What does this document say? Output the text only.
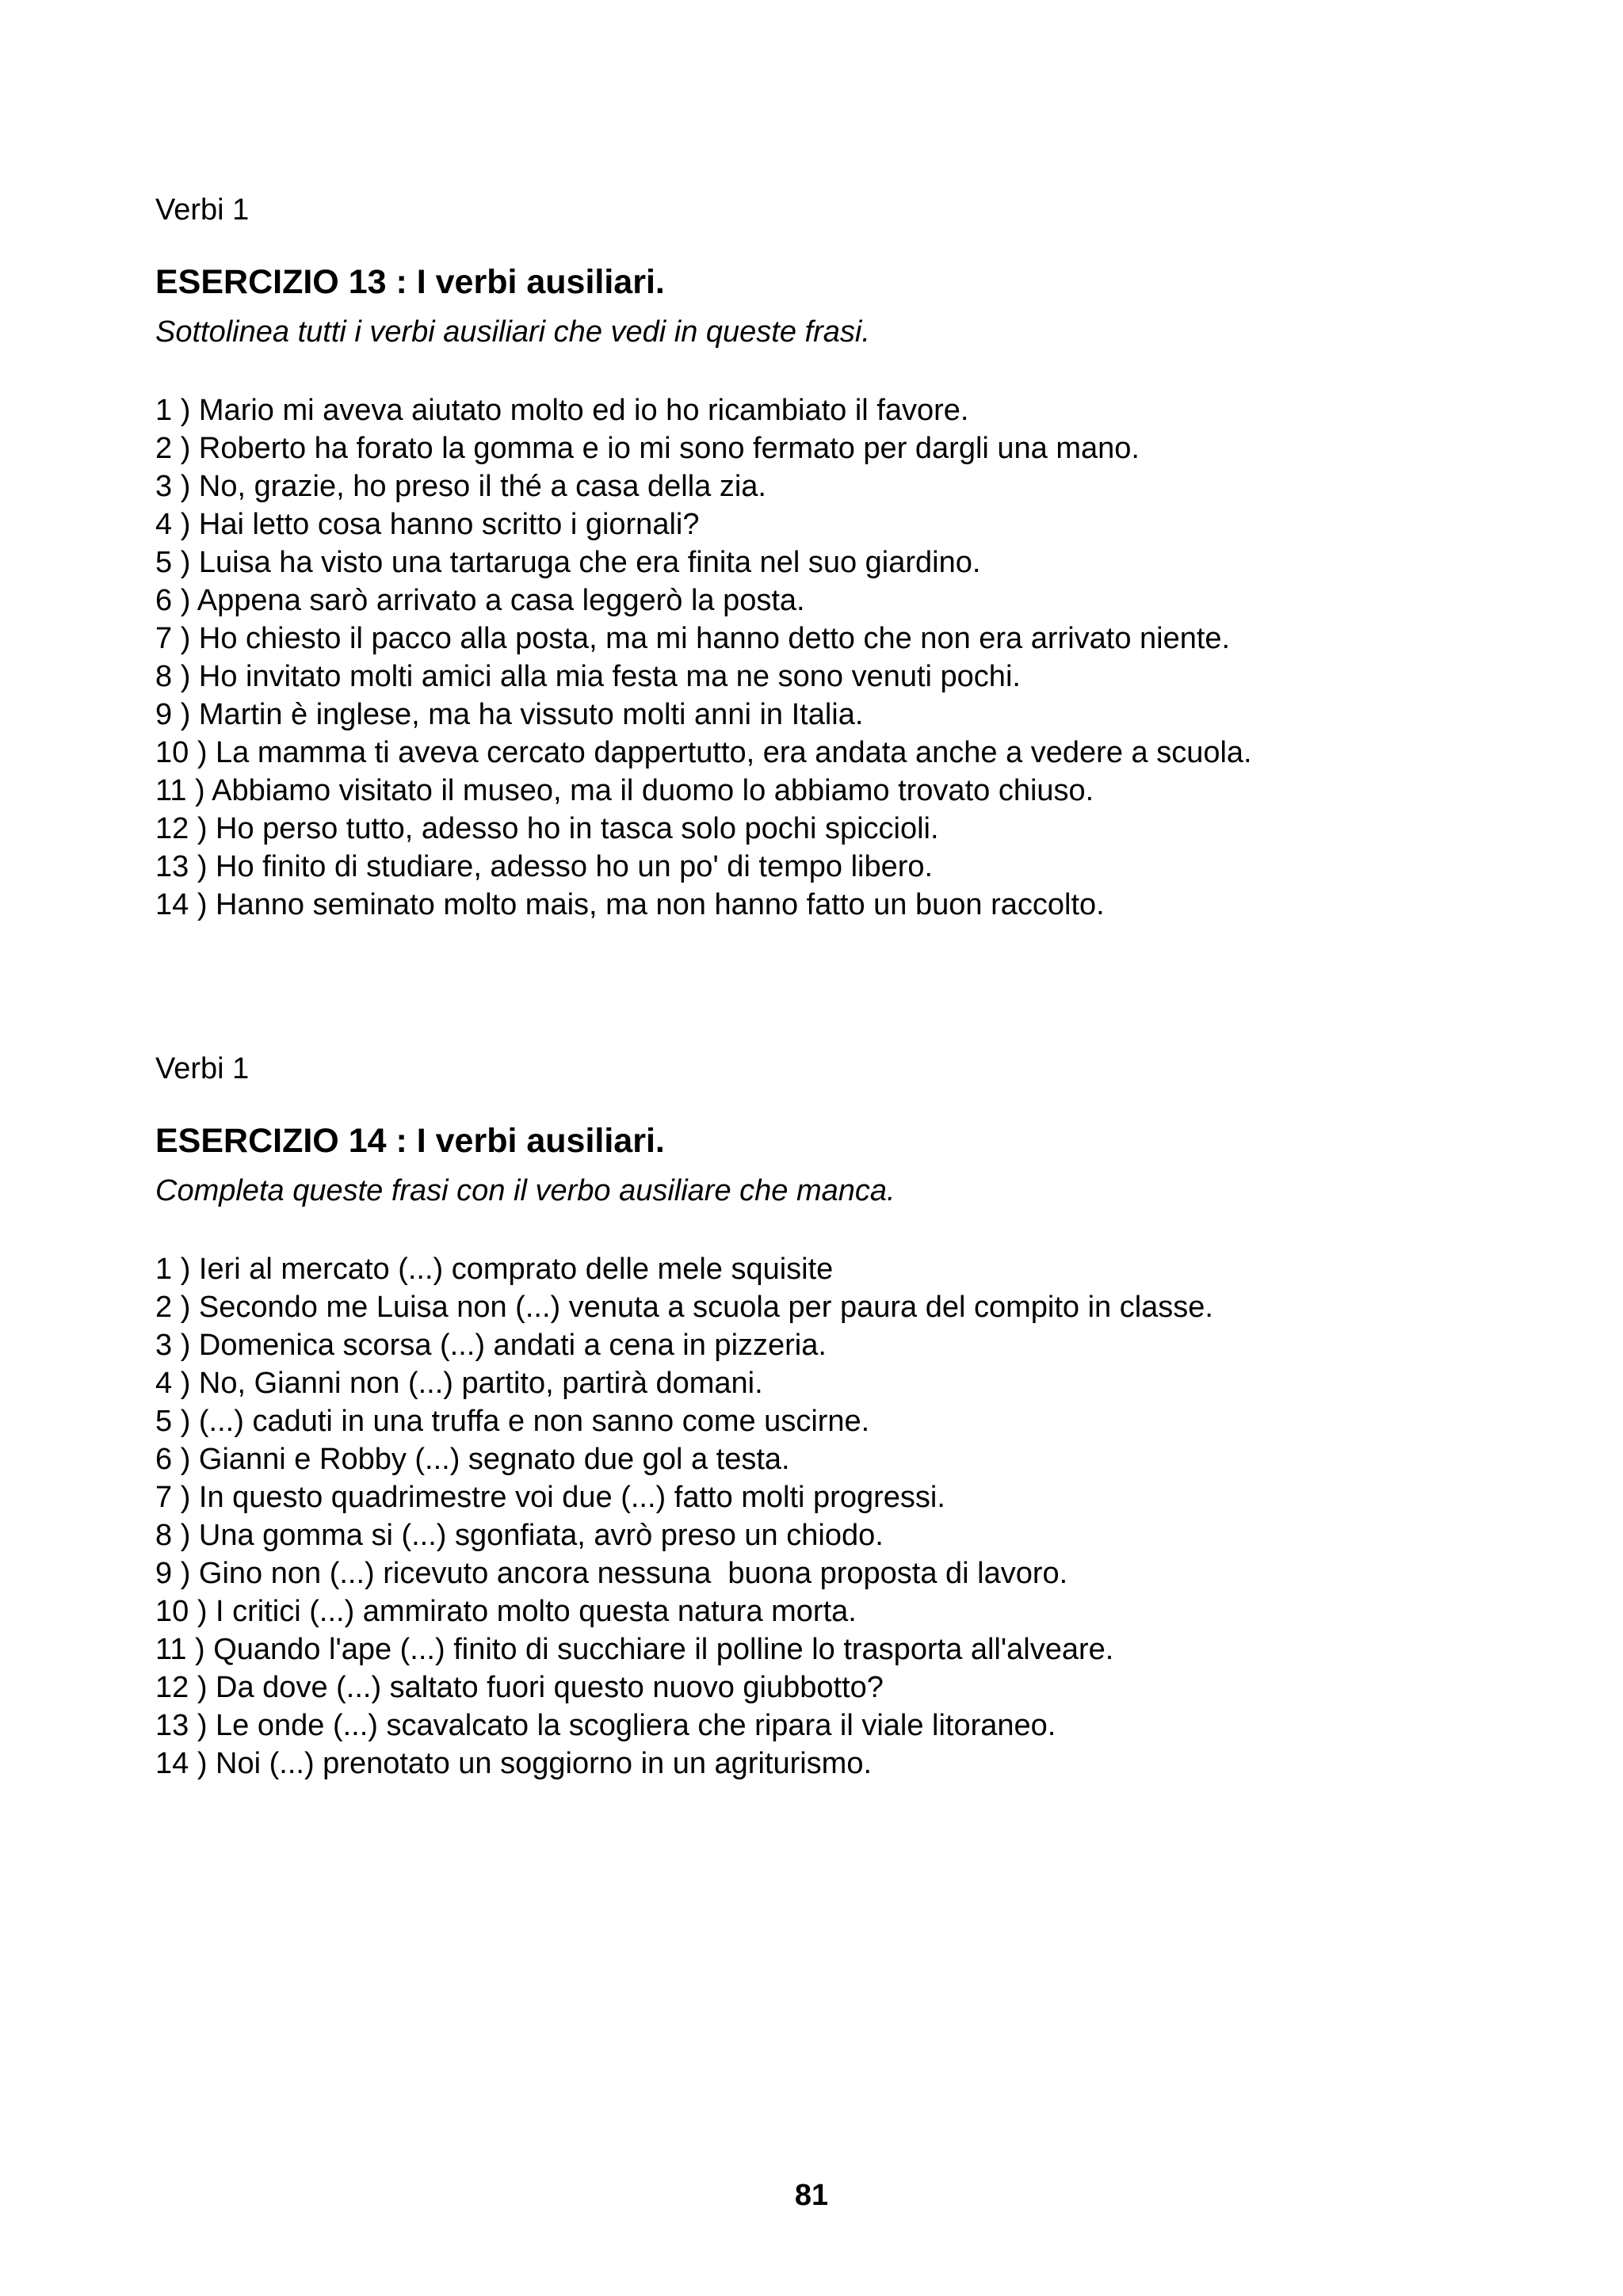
Verbi 1

ESERCIZIO 13 : I verbi ausiliari.

Sottolinea tutti i verbi ausiliari che vedi in queste frasi.

1 ) Mario mi aveva aiutato molto ed io ho ricambiato il favore.
2 ) Roberto ha forato la gomma e io mi sono fermato per dargli una mano.
3 ) No, grazie, ho preso il thé a casa della zia.
4 ) Hai letto cosa hanno scritto i giornali?
5 ) Luisa ha visto una tartaruga che era finita nel suo giardino.
6 ) Appena sarò arrivato a casa leggerò la posta.
7 ) Ho chiesto il pacco alla posta, ma mi hanno detto che non era arrivato niente.
8 ) Ho invitato molti amici alla mia festa ma ne sono venuti pochi.
9 ) Martin è inglese, ma ha vissuto molti anni in Italia.
10 ) La mamma ti aveva cercato dappertutto, era andata anche a vedere a scuola.
11 ) Abbiamo visitato il museo, ma il duomo lo abbiamo trovato chiuso.
12 ) Ho perso tutto, adesso ho in tasca solo pochi spiccioli.
13 ) Ho finito di studiare, adesso ho un po' di tempo libero.
14 ) Hanno seminato molto mais, ma non hanno fatto un buon raccolto.

Verbi 1

ESERCIZIO 14 : I verbi ausiliari.

Completa queste frasi con il verbo ausiliare che manca.

1 ) Ieri al mercato (...) comprato delle mele squisite
2 ) Secondo me Luisa non (...) venuta a scuola per paura del compito in classe.
3 ) Domenica scorsa (...) andati a cena in pizzeria.
4 ) No, Gianni non (...) partito, partirà domani.
5 ) (...) caduti in una truffa e non sanno come uscirne.
6 ) Gianni e Robby (...) segnato due gol a testa.
7 ) In questo quadrimestre voi due (...) fatto molti progressi.
8 ) Una gomma si (...) sgonfiata, avrò preso un chiodo.
9 ) Gino non (...) ricevuto ancora nessuna  buona proposta di lavoro.
10 ) I critici (...) ammirato molto questa natura morta.
11 ) Quando l'ape (...) finito di succhiare il polline lo trasporta all'alveare.
12 ) Da dove (...) saltato fuori questo nuovo giubbotto?
13 ) Le onde (...) scavalcato la scogliera che ripara il viale litoraneo.
14 ) Noi (...) prenotato un soggiorno in un agriturismo.
81
